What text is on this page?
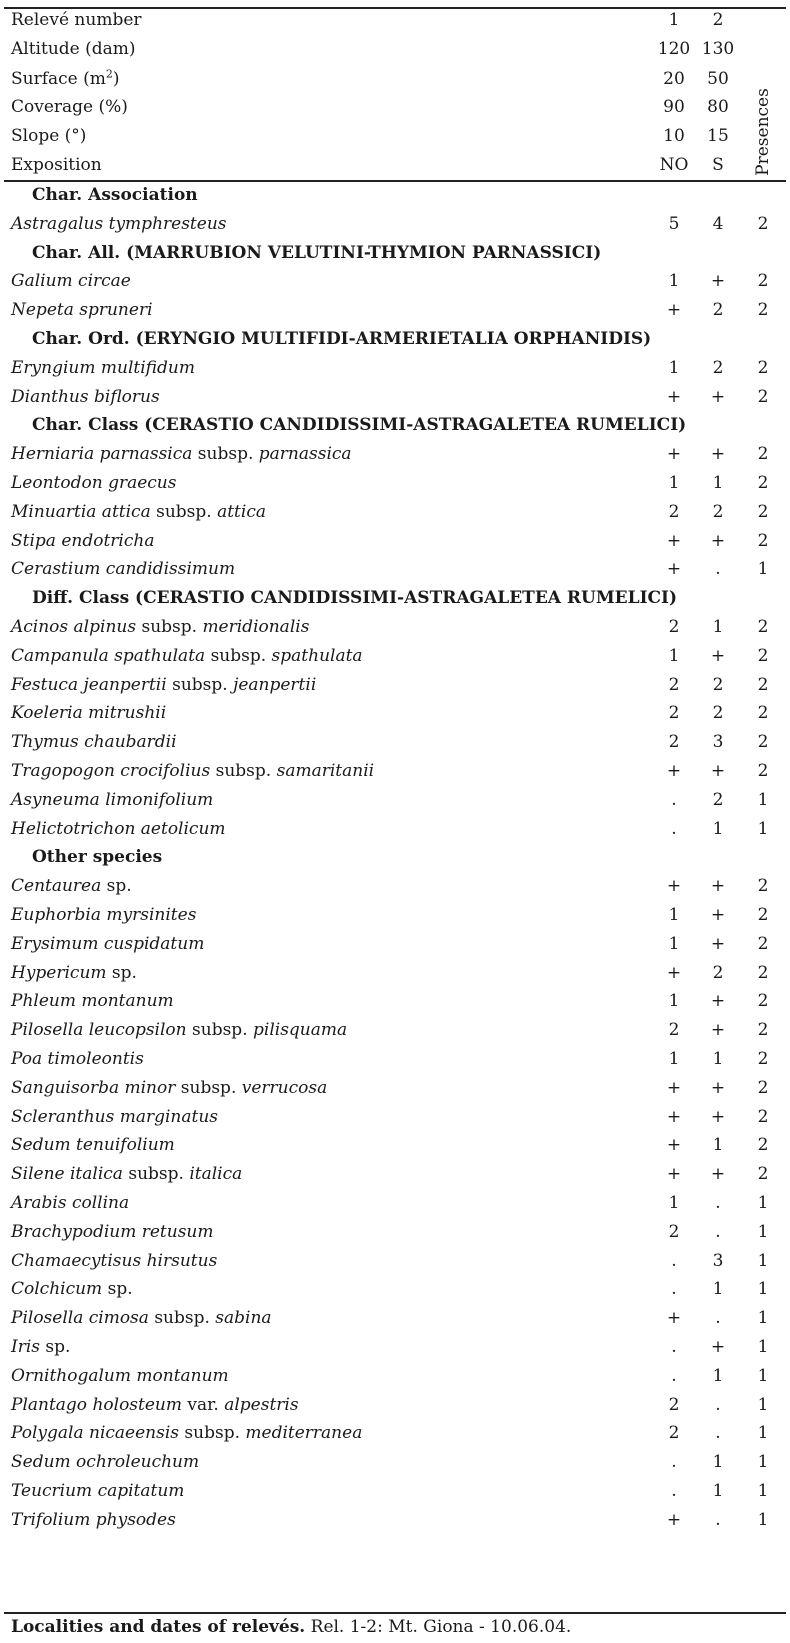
Relevé number	1	2
Altitude (dam)	120 130
Surface $(m^2)$	20	50
Coverage (%)	90	80
Slope (°)	10	15
Exposition	NO	S	Presences
Char. Association
Astragalus tymphresteus	5	4	2
Char. All. (MARRUBION VELUTINI-THYMION PARNASSICI)
Galium circae	1	+	2
Nepeta spruneri	+	2	2
Char. Ord. (ERYNGIO MULTIFIDI-ARMERIETALIA ORPHANIDIS)
Eryngium multifidum	1	2	2
Dianthus biflorus	+	+	2
Char. Class (CERASTIO CANDIDISSIMI-ASTRAGALETEA RUMELICI)
Herniaria parnassica subsp. parnassica	+	+	2
Leontodon graecus	1	1	2
Minuartia attica subsp. attica	2	2	2
Stipa endotricha	+	+	2
Cerastium candidissimum	+	.	1
Diff. Class (CERASTIO CANDIDISSIMI-ASTRAGALETEA RUMELICI)
Acinos alpinus subsp. meridionalis	2	1	2
Campanula spathulata subsp. spathulata	1	+	2
Festuca jeanpertii subsp. jeanpertii	2	2	2
Koeleria mitrushii	2	2	2
Thymus chaubardii	2	3	2
Tragopogon crocifolius subsp. samaritanii	+	+	2
Asyneuma limonifolium	.	2	1
Helictotrichon aetolicum	.	1	1
Other species
Centaurea sp.	+	+	2
Euphorbia myrsinites	1	+	2
Erysimum cuspidatum	1	+	2
Hypericum sp.	+	2	2
Phleum montanum	1	+	2
Pilosella leucopsilon subsp. pilisquama	2	+	2
Poa timoleontis	1	1	2
Sanguisorba minor subsp. verrucosa	+	+	2
Scleranthus marginatus	+	+	2
Sedum tenuifolium	+	1	2
Silene italica subsp. italica	+	+	2
Arabis collina	1	.	1
Brachypodium retusum	2	.	1
Chamaecytisus hirsutus	.	3	1
Colchicum sp.	.	1	1
Pilosella cimosa subsp. sabina	+	.	1
Iris sp.	.	+	1
Ornithogalum montanum	.	1	1
Plantago holosteum var. alpestris	2	.	1
Polygala nicaeensis subsp. mediterranea	2	.	1
Sedum ochroleuchum	.	1	1
Teucrium capitatum	.	1	1
Trifolium physodes	+	.	1
Localities and dates of relevés. Rel. 1-2: Mt. Giona - 10.06.04.
